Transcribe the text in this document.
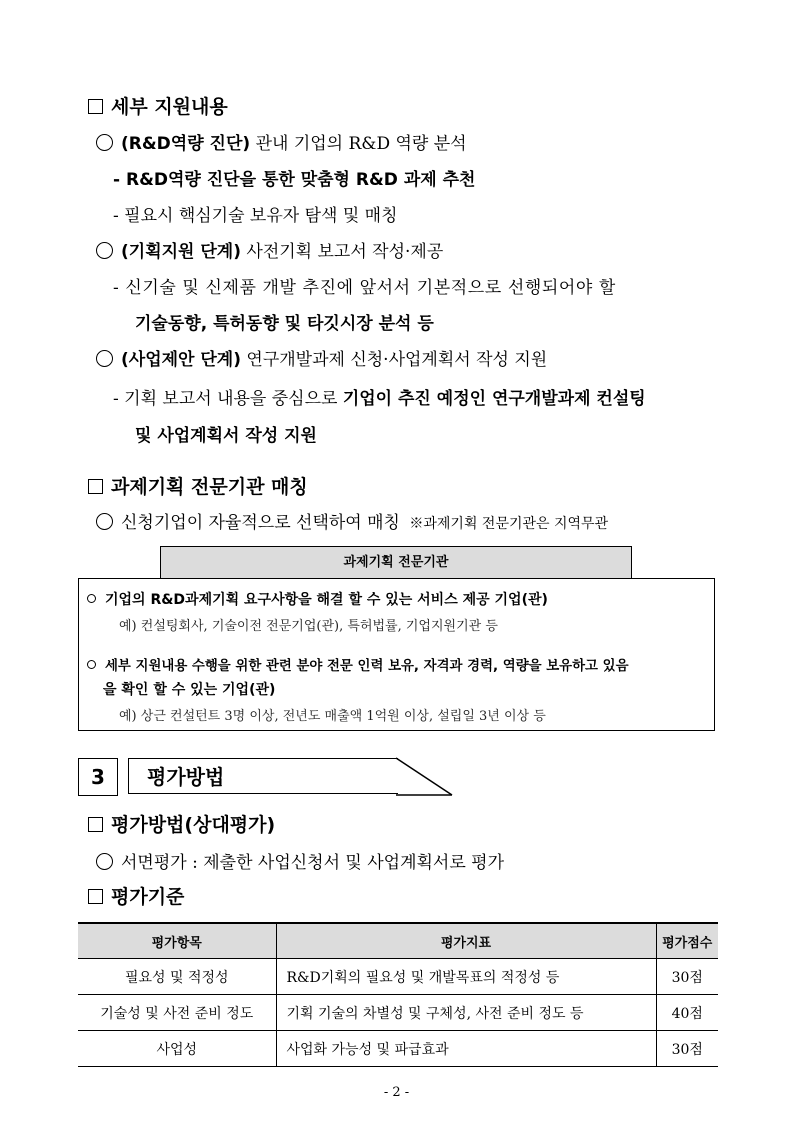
세부 지원내용
(R&D역량 진단) 관내 기업의 R&D 역량 분석
- R&D역량 진단을 통한 맞춤형 R&D 과제 추천
- 필요시 핵심기술 보유자 탐색 및 매칭
(기획지원 단계) 사전기획 보고서 작성·제공
- 신기술 및 신제품 개발 추진에 앞서서 기본적으로 선행되어야 할
기술동향, 특허동향 및 타깃시장 분석 등
(사업제안 단계) 연구개발과제 신청·사업계획서 작성 지원
- 기획 보고서 내용을 중심으로 기업이 추진 예정인 연구개발과제 컨설팅
및 사업계획서 작성 지원
과제기획 전문기관 매칭
신청기업이 자율적으로 선택하여 매칭 ※과제기획 전문기관은 지역무관
과제기획 전문기관
기업의 R&D과제기획 요구사항을 해결 할 수 있는 서비스 제공 기업(관)
예) 컨설팅회사, 기술이전 전문기업(관), 특허법률, 기업지원기관 등
세부 지원내용 수행을 위한 관련 분야 전문 인력 보유, 자격과 경력, 역량을 보유하고 있음
을 확인 할 수 있는 기업(관)
예) 상근 컨설턴트 3명 이상, 전년도 매출액 1억원 이상, 설립일 3년 이상 등
3	평가방법
평가방법(상대평가)
서면평가 : 제출한 사업신청서 및 사업계획서로 평가
평가기준
평가항목	평가지표	평가점수
필요성 및 적정성	R&D기획의 필요성 및 개발목표의 적정성 등	30점
기술성 및 사전 준비 정도	기획 기술의 차별성 및 구체성, 사전 준비 정도 등	40점
사업성	사업화 가능성 및 파급효과	30점
- 2 -
